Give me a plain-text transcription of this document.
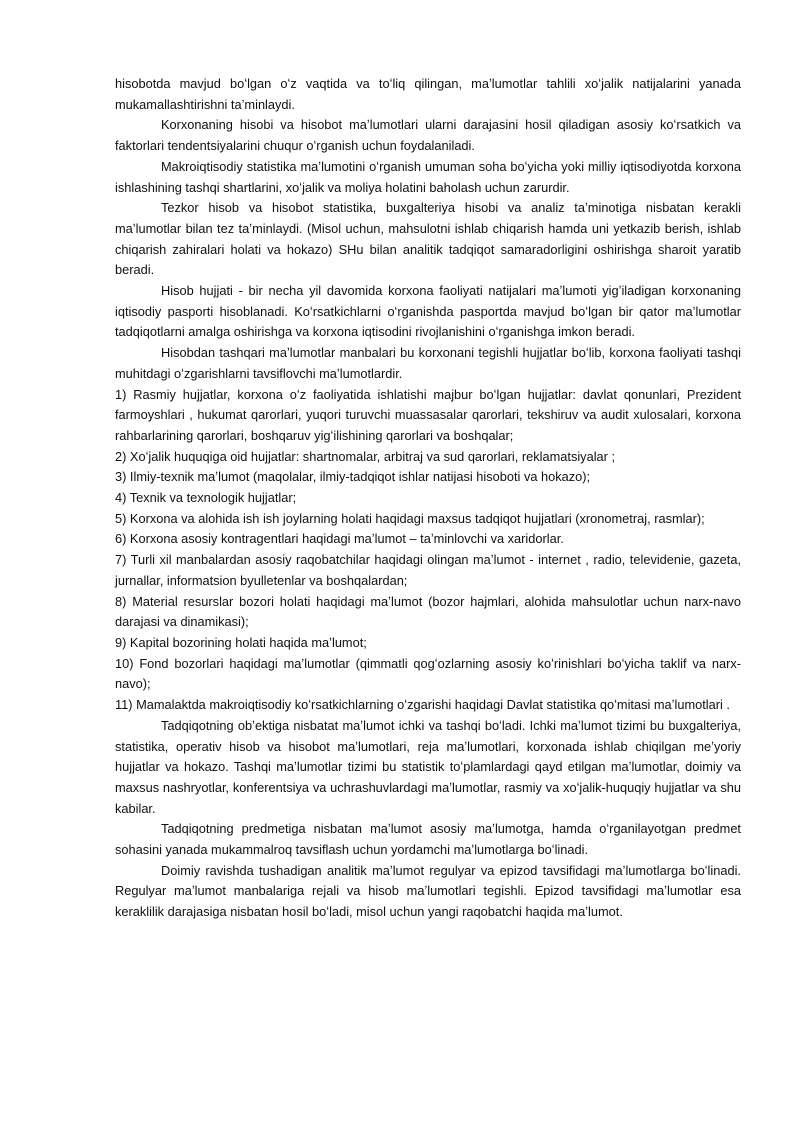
hisobotda mavjud boʻlgan oʻz vaqtida va toʻliq qilingan, maʼlumotlar tahlili xoʻjalik natijalarini yanada mukamallashtirishni taʼminlaydi.

Korxonaning hisobi va hisobot maʼlumotlari ularni darajasini hosil qiladigan asosiy koʻrsatkich va faktorlari tendentsiyalarini chuqur oʻrganish uchun foydalaniladi.

Makroiqtisodiy statistika maʼlumotini oʻrganish umuman soha boʻyicha yoki milliy iqtisodiyotda korxona ishlashining tashqi shartlarini, xoʻjalik va moliya holatini baholash uchun zarurdir.

Tezkor hisob va hisobot statistika, buxgalteriya hisobi va analiz taʼminotiga nisbatan kerakli maʼlumotlar bilan tez taʼminlaydi. (Misol uchun, mahsulotni ishlab chiqarish hamda uni yetkazib berish, ishlab chiqarish zahiralari holati va hokazo) SHu bilan analitik tadqiqot samaradorligini oshirishga sharoit yaratib beradi.

Hisob hujjati - bir necha yil davomida korxona faoliyati natijalari maʼlumoti yigʼiladigan korxonaning iqtisodiy pasporti hisoblanadi. Koʻrsatkichlarni oʻrganishda pasportda mavjud boʻlgan bir qator maʼlumotlar tadqiqotlarni amalga oshirishga va korxona iqtisodini rivojlanishini oʻrganishga imkon beradi.

Hisobdan tashqari maʼlumotlar manbalari bu korxonani tegishli hujjatlar boʻlib, korxona faoliyati tashqi muhitdagi oʻzgarishlarni tavsiflovchi maʼlumotlardir.

1) Rasmiy hujjatlar, korxona oʻz faoliyatida ishlatishi majbur boʻlgan hujjatlar: davlat qonunlari, Prezident farmoyshlari , hukumat qarorlari, yuqori turuvchi muassasalar qarorlari, tekshiruv va audit xulosalari, korxona rahbarlarining qarorlari, boshqaruv yigʻilishining qarorlari va boshqalar;

2) Xoʻjalik huquqiga oid hujjatlar: shartnomalar, arbitraj va sud qarorlari, reklamatsiyalar ;

3) Ilmiy-texnik maʼlumot (maqolalar, ilmiy-tadqiqot ishlar natijasi hisoboti va hokazo);

4) Texnik va texnologik hujjatlar;

5) Korxona va alohida ish ish joylarning holati haqidagi maxsus tadqiqot hujjatlari (xronometraj, rasmlar);

6) Korxona asosiy kontragentlari haqidagi maʼlumot – taʼminlovchi va xaridorlar.

7) Turli xil manbalardan asosiy raqobatchilar haqidagi olingan maʼlumot - internet , radio, televidenie, gazeta, jurnallar, informatsion byulletenlar va boshqalardan;

8) Material resurslar bozori holati haqidagi maʼlumot (bozor hajmlari, alohida mahsulotlar uchun narx-navo darajasi va dinamikasi);

9) Kapital bozorining holati haqida maʼlumot;

10) Fond bozorlari haqidagi maʼlumotlar (qimmatli qogʻozlarning asosiy koʻrinishlari boʻyicha taklif va narx-navo);

11) Mamalaktda makroiqtisodiy koʻrsatkichlarning oʻzgarishi haqidagi Davlat statistika qoʻmitasi maʼlumotlari .

Tadqiqotning obʼektiga nisbatat maʼlumot ichki va tashqi boʻladi. Ichki maʼlumot tizimi bu buxgalteriya, statistika, operativ hisob va hisobot maʼlumotlari, reja maʼlumotlari, korxonada ishlab chiqilgan meʼyoriy hujjatlar va hokazo. Tashqi maʼlumotlar tizimi bu statistik toʻplamlardagi qayd etilgan maʼlumotlar, doimiy va maxsus nashryotlar, konferentsiya va uchrashuvlardagi maʼlumotlar, rasmiy va xoʻjalik-huquqiy hujjatlar va shu kabilar.

Tadqiqotning predmetiga nisbatan maʼlumot asosiy maʼlumotga, hamda oʻrganilayotgan predmet sohasini yanada mukammalroq tavsiflash uchun yordamchi maʼlumotlarga boʻlinadi.

Doimiy ravishda tushadigan analitik maʼlumot regulyar va epizod tavsifidagi maʼlumotlarga boʻlinadi. Regulyar maʼlumot manbalariga rejali va hisob maʼlumotlari tegishli. Epizod tavsifidagi maʼlumotlar esa keraklilik darajasiga nisbatan hosil boʻladi, misol uchun yangi raqobatchi haqida maʼlumot.
